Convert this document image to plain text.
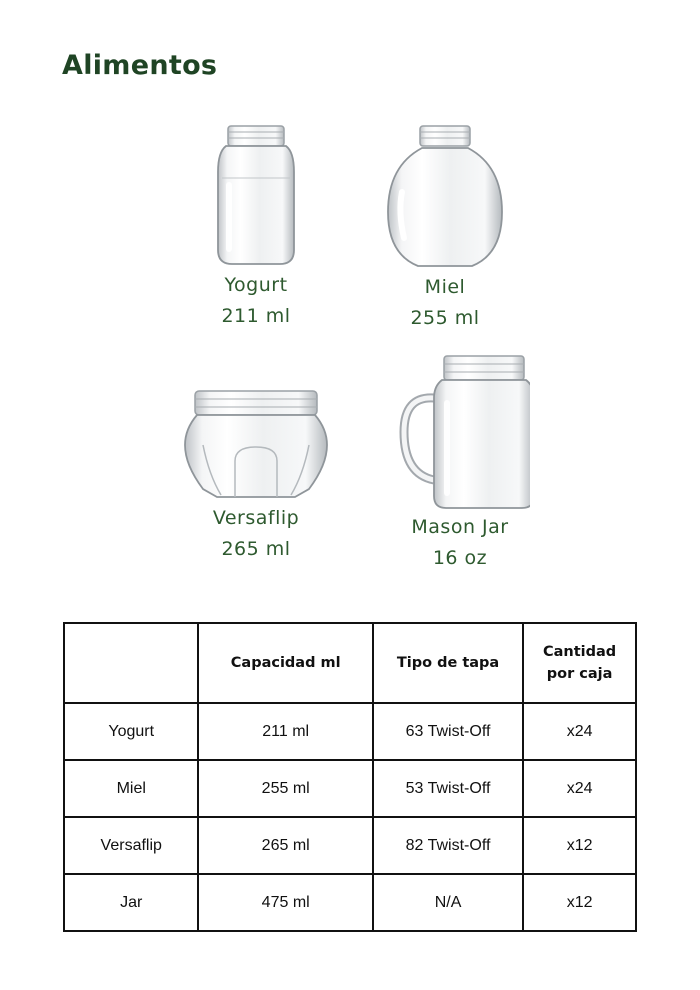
Alimentos
Yogurt
211 ml
Miel
255 ml
Versaflip
265 ml
Mason Jar
16 oz
	Capacidad ml	Tipo de tapa	Cantidad
por caja

Yogurt	211 ml	63 Twist-Off	x24
Miel	255 ml	53 Twist-Off	x24
Versaflip	265 ml	82 Twist-Off	x12
Jar	475 ml	N/A	x12
